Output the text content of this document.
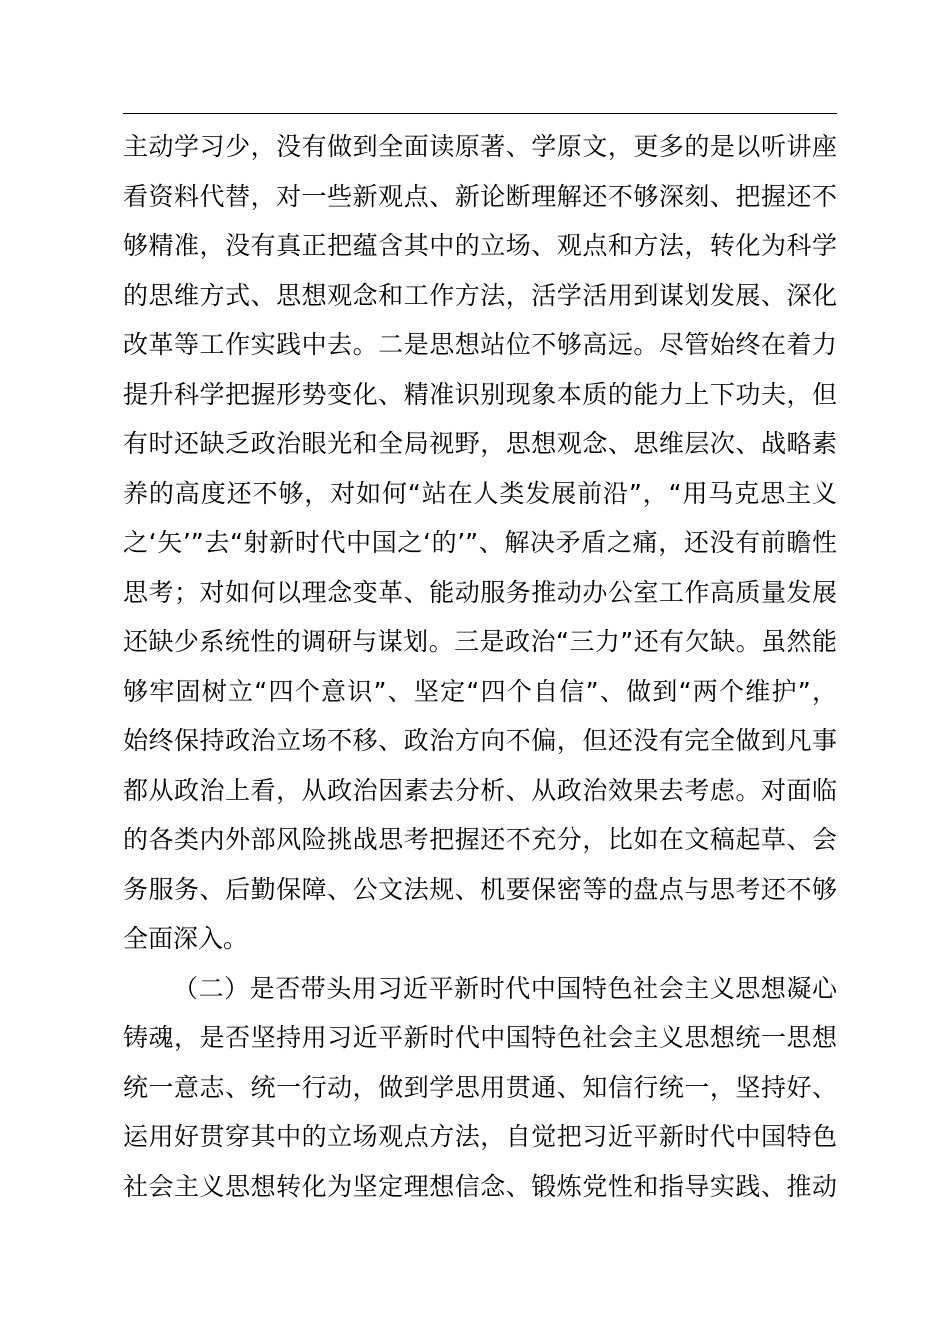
主动学习少，没有做到全面读原著、学原文，更多的是以听讲座
看资料代替，对一些新观点、新论断理解还不够深刻、把握还不
够精准，没有真正把蕴含其中的立场、观点和方法，转化为科学
的思维方式、思想观念和工作方法，活学活用到谋划发展、深化
改革等工作实践中去。二是思想站位不够高远。尽管始终在着力
提升科学把握形势变化、精准识别现象本质的能力上下功夫，但
有时还缺乏政治眼光和全局视野，思想观念、思维层次、战略素
养的高度还不够，对如何“站在人类发展前沿”，“用马克思主义
之‘矢’”去“射新时代中国之‘的’”、解决矛盾之痛，还没有前瞻性
思考；对如何以理念变革、能动服务推动办公室工作高质量发展
还缺少系统性的调研与谋划。三是政治“三力”还有欠缺。虽然能
够牢固树立“四个意识”、坚定“四个自信”、做到“两个维护”，
始终保持政治立场不移、政治方向不偏，但还没有完全做到凡事
都从政治上看，从政治因素去分析、从政治效果去考虑。对面临
的各类内外部风险挑战思考把握还不充分，比如在文稿起草、会
务服务、后勤保障、公文法规、机要保密等的盘点与思考还不够
全面深入。
（二）是否带头用习近平新时代中国特色社会主义思想凝心
铸魂，是否坚持用习近平新时代中国特色社会主义思想统一思想
统一意志、统一行动，做到学思用贯通、知信行统一，坚持好、
运用好贯穿其中的立场观点方法，自觉把习近平新时代中国特色
社会主义思想转化为坚定理想信念、锻炼党性和指导实践、推动
